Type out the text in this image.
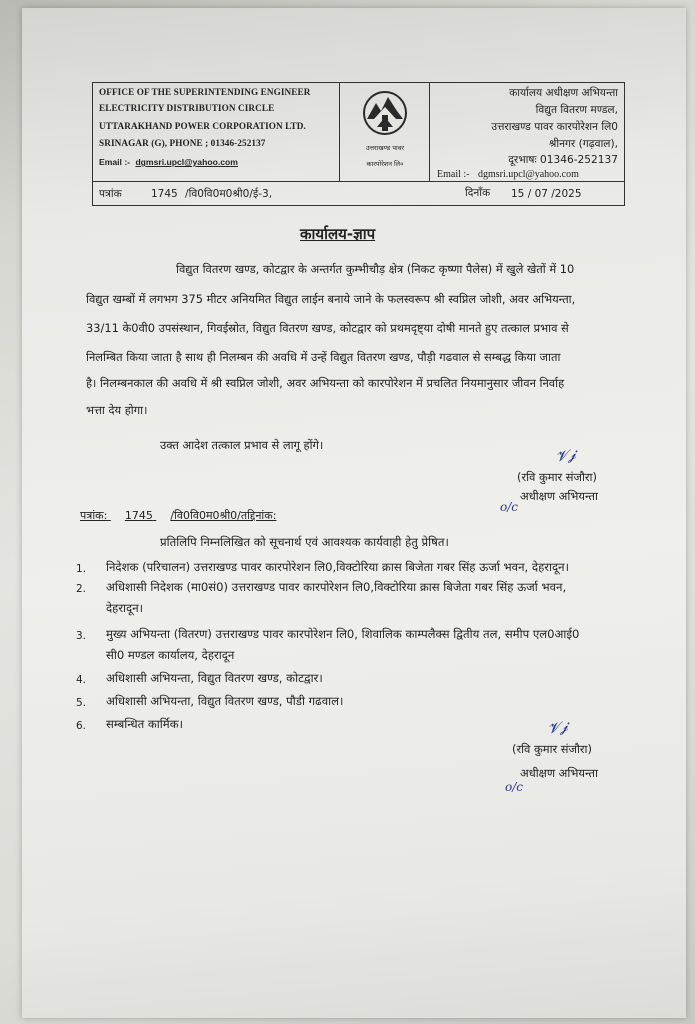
OFFICE OF THE SUPERINTENDING ENGINEER
ELECTRICITY DISTRIBUTION CIRCLE
UTTARAKHAND POWER CORPORATION LTD.
SRINAGAR (G), PHONE ; 01346-252137
Email :- dgmsri.upcl@yahoo.com
उत्तराखण्ड पावर
कारपोरेशन लि०
कार्यालय अधीक्षण अभियन्ता
विद्युत वितरण मण्डल,
उत्तराखण्ड पावर कारपोरेशन लि0
श्रीनगर (गढ़वाल),
दूरभाषः 01346-252137
Email :- dgmsri.upcl@yahoo.com
पत्रांक	1745 /वि0वि0म0श्री0/ई-3,	दिनाँक 15 / 07 /2025
कार्यालय-ज्ञाप
विद्युत वितरण खण्ड, कोटद्वार के अन्तर्गत कुम्भीचौड़ क्षेत्र (निकट कृष्णा पैलेस) में खुले खेतों में 10
विद्युत खम्बों में लगभग 375 मीटर अनियमित विद्युत लाईन बनाये जाने के फलस्वरूप श्री स्वप्निल जोशी, अवर अभियन्ता,
33/11 के0वी0 उपसंस्थान, गिवईस्रोत, विद्युत वितरण खण्ड, कोटद्वार को प्रथमदृष्ट्या दोषी मानते हुए तत्काल प्रभाव से
निलम्बित किया जाता है साथ ही निलम्बन की अवधि में उन्हें विद्युत वितरण खण्ड, पौड़ी गढवाल से सम्बद्ध किया जाता
है। निलम्बनकाल की अवधि में श्री स्वप्निल जोशी, अवर अभियन्ता को कारपोरेशन में प्रचलित नियमानुसार जीवन निर्वाह
भत्ता देय होगा।
उक्त आदेश तत्काल प्रभाव से लागू होंगे।
𝓥𝓳
(रवि कुमार संजौरा)
अधीक्षण अभियन्ता
o/c
पत्रांक: 1745 /वि0वि0म0श्री0/तद्दिनांक:
प्रतिलिपि निम्नलिखित को सूचनार्थ एवं आवश्यक कार्यवाही हेतु प्रेषित।
1. निदेशक (परिचालन) उत्तराखण्ड पावर कारपोरेशन लि0,विक्टोरिया क्रास बिजेता गबर सिंह ऊर्जा भवन, देहरादून।
2. अधिशासी निदेशक (मा0सं0) उत्तराखण्ड पावर कारपोरेशन लि0,विक्टोरिया क्रास बिजेता गबर सिंह ऊर्जा भवन,
देहरादून।
3. मुख्य अभियन्ता (वितरण) उत्तराखण्ड पावर कारपोरेशन लि0, शिवालिक काम्पलैक्स द्वितीय तल, समीप एल0आई0
सी0 मण्डल कार्यालय, देहरादून
4. अधिशासी अभियन्ता, विद्युत वितरण खण्ड, कोटद्वार।
5. अधिशासी अभियन्ता, विद्युत वितरण खण्ड, पौडी गढवाल।
6. सम्बन्धित कार्मिक।	𝓥𝓳
(रवि कुमार संजौरा)
अधीक्षण अभियन्ता
o/c
